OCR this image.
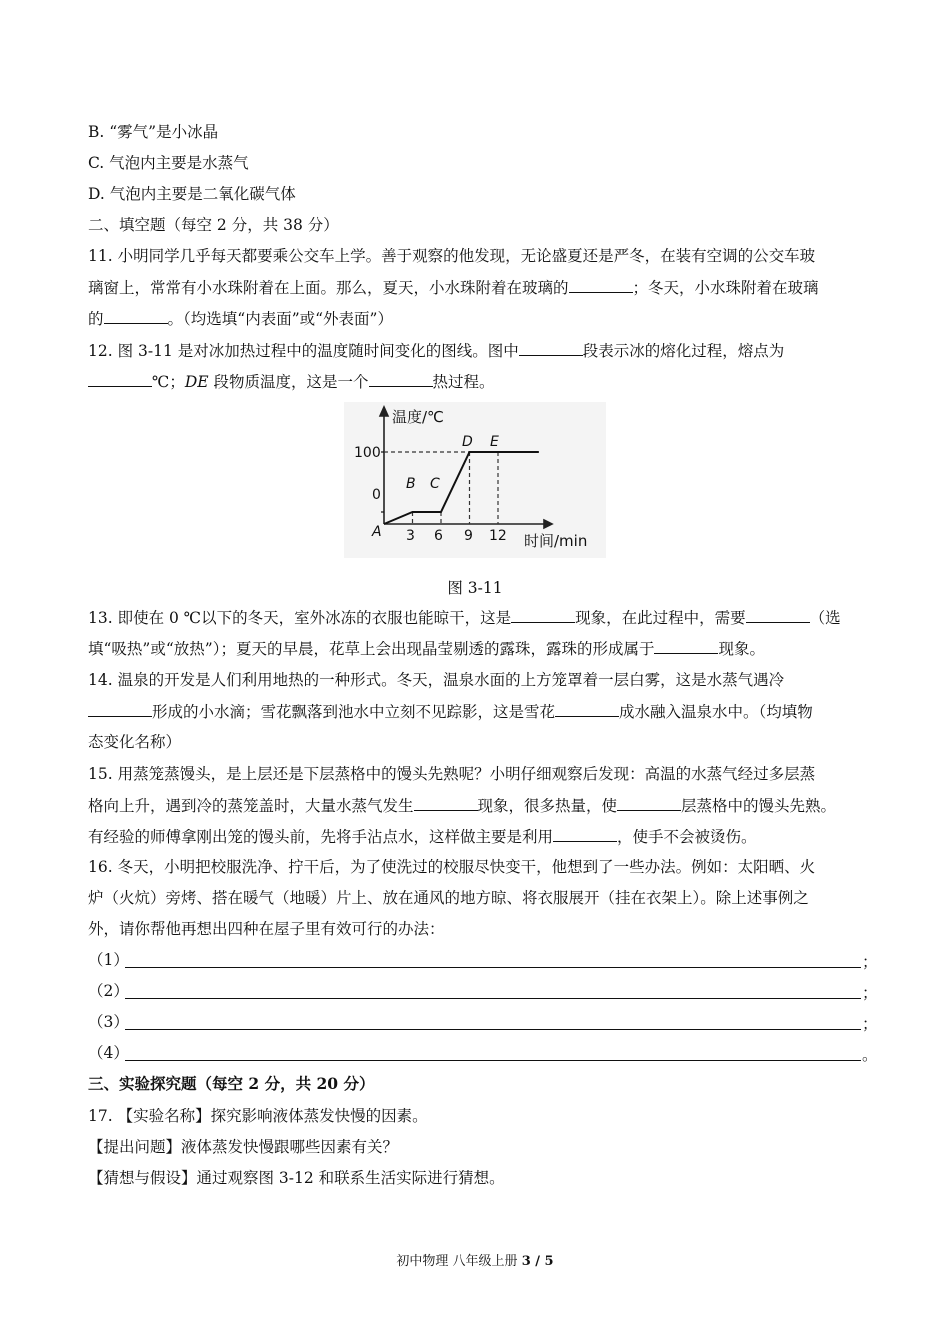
B. “雾气”是小冰晶
C. 气泡内主要是水蒸气
D. 气泡内主要是二氧化碳气体
二、填空题（每空 2 分，共 38 分）
11. 小明同学几乎每天都要乘公交车上学。善于观察的他发现，无论盛夏还是严冬，在装有空调的公交车玻
璃窗上，常常有小水珠附着在上面。那么，夏天，小水珠附着在玻璃的	；冬天，小水珠附着在玻璃
的	。（均选填“内表面”或“外表面”）
12. 图 3-11 是对冰加热过程中的温度随时间变化的图线。图中	段表示冰的熔化过程，熔点为
℃；DE 段物质温度，这是一个	热过程。
温度/℃
时间/min
100
0
3 6 9 12
A
B C
D E
图 3-11
13. 即使在 0 ℃以下的冬天，室外冰冻的衣服也能晾干，这是	现象，在此过程中，需要	（选
填“吸热”或“放热”）；夏天的早晨，花草上会出现晶莹剔透的露珠，露珠的形成属于	现象。
14. 温泉的开发是人们利用地热的一种形式。冬天，温泉水面的上方笼罩着一层白雾，这是水蒸气遇冷
形成的小水滴；雪花飘落到池水中立刻不见踪影，这是雪花	成水融入温泉水中。（均填物
态变化名称）
15. 用蒸笼蒸馒头，是上层还是下层蒸格中的馒头先熟呢？小明仔细观察后发现：高温的水蒸气经过多层蒸
格向上升，遇到冷的蒸笼盖时，大量水蒸气发生	现象，很多热量，使	层蒸格中的馒头先熟。
有经验的师傅拿刚出笼的馒头前，先将手沾点水，这样做主要是利用	，使手不会被烫伤。
16. 冬天，小明把校服洗净、拧干后，为了使洗过的校服尽快变干，他想到了一些办法。例如：太阳晒、火
炉（火炕）旁烤、搭在暖气（地暖）片上、放在通风的地方晾、将衣服展开（挂在衣架上）。除上述事例之
外，请你帮他再想出四种在屋子里有效可行的办法：
（1）	；
（2）	；
（3）	；
（4）	。
三、实验探究题（每空 2 分，共 20 分）
17. 【实验名称】探究影响液体蒸发快慢的因素。
【提出问题】液体蒸发快慢跟哪些因素有关？
【猜想与假设】通过观察图 3-12 和联系生活实际进行猜想。
初中物理 八年级上册 3 / 5
